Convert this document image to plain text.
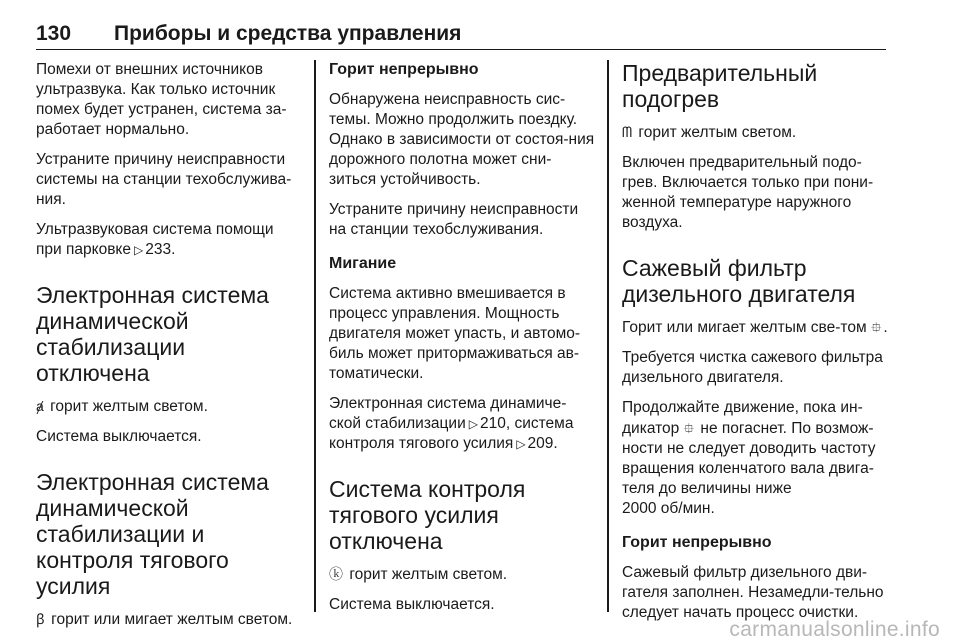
130	Приборы и средства управления

Помехи от внешних источников ультразвука. Как только источник помех будет устранен, система за-работает нормально.

Устраните причину неисправности системы на станции техобслужива-ния.

Ультразвуковая система помощи при парковке ▷ 233.

Электронная система динамической стабилизации отключена

ⱥ горит желтым светом.

Система выключается.

Электронная система динамической стабилизации и контроля тягового усилия

ꞵ горит или мигает желтым светом.

Горит непрерывно

Обнаружена неисправность сис-темы. Можно продолжить поездку. Однако в зависимости от состоя-ния дорожного полотна может сни-зиться устойчивость.

Устраните причину неисправности на станции техобслуживания.

Мигание

Система активно вмешивается в процесс управления. Мощность двигателя может упасть, и автомо-биль может притормаживаться ав-томатически.

Электронная система динамиче-ской стабилизации ▷ 210, система контроля тягового усилия ▷ 209.

Система контроля тягового усилия отключена

ⓚ горит желтым светом.

Система выключается.

Предварительный подогрев

ᗰ горит желтым светом.

Включен предварительный подо-грев. Включается только при пони-женной температуре наружного воздуха.

Сажевый фильтр дизельного двигателя

Горит или мигает желтым све-том ⯐ .

Требуется чистка сажевого фильтра дизельного двигателя.

Продолжайте движение, пока ин-дикатор ⯐ не погаснет. По возмож-ности не следует доводить частоту вращения коленчатого вала двига-теля до величины ниже
2000 об/мин.

Горит непрерывно

Сажевый фильтр дизельного дви-гателя заполнен. Незамедли-тельно следует начать процесс очистки.

carmanualsonline.info
